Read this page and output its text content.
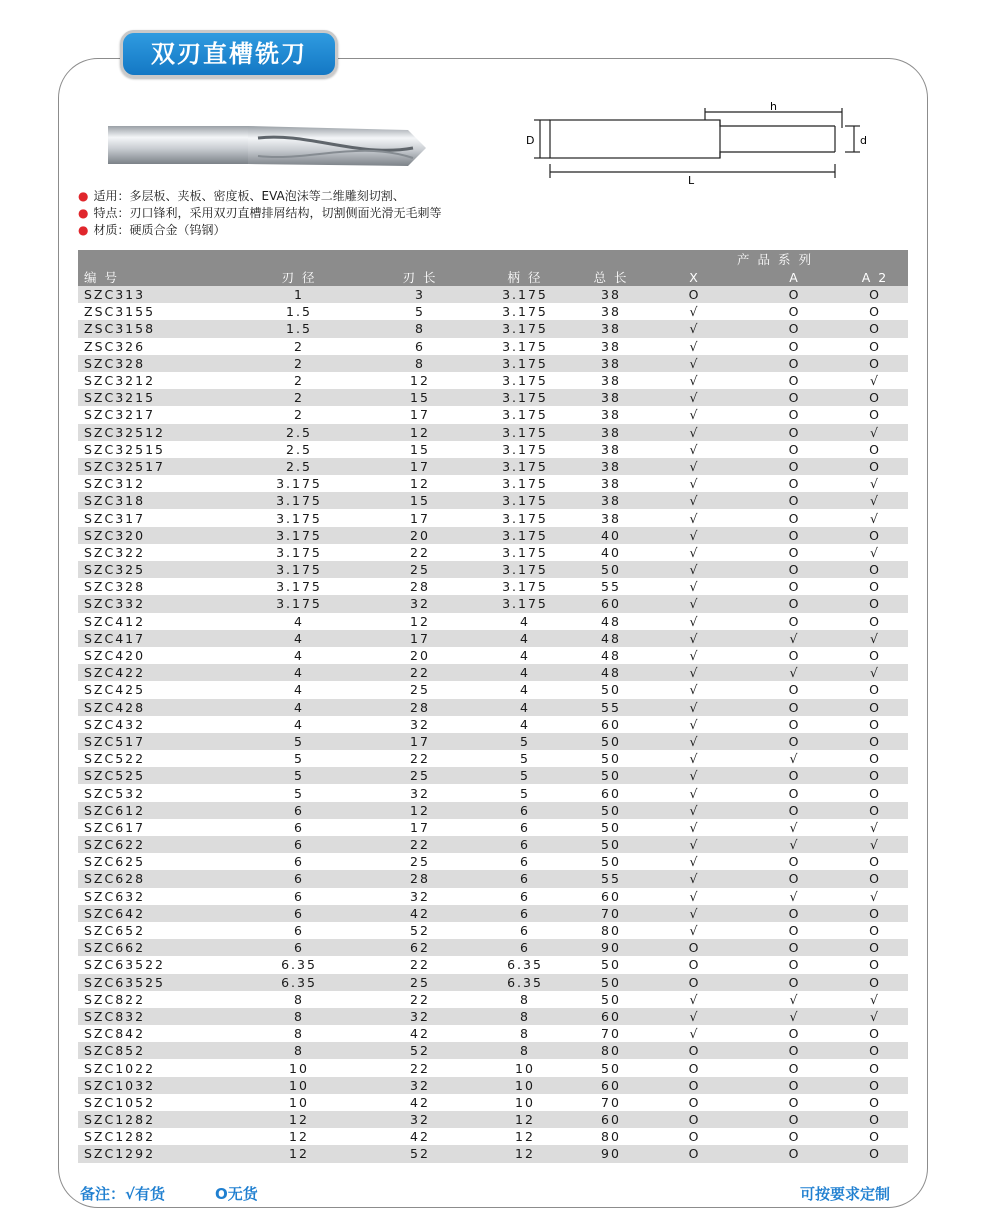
双刃直槽铣刀
h
D	d
L
● 适用：多层板、夹板、密度板、EVA泡沫等二维雕刻切割、
● 特点：刃口锋利，采用双刃直槽排屑结构，切割侧面光滑无毛刺等
● 材质：硬质合金（钨钢）
编 号	刃 径	刃 长	柄 径	总 长	产 品 系 列		
					X	A	A 2
SZC313	1	3	3.175	38	O	O	O
ZSC3155	1.5	5	3.175	38	√	O	O
ZSC3158	1.5	8	3.175	38	√	O	O
ZSC326	2	6	3.175	38	√	O	O
SZC328	2	8	3.175	38	√	O	O
SZC3212	2	12	3.175	38	√	O	√
SZC3215	2	15	3.175	38	√	O	O
SZC3217	2	17	3.175	38	√	O	O
SZC32512	2.5	12	3.175	38	√	O	√
SZC32515	2.5	15	3.175	38	√	O	O
SZC32517	2.5	17	3.175	38	√	O	O
SZC312	3.175	12	3.175	38	√	O	√
SZC318	3.175	15	3.175	38	√	O	√
SZC317	3.175	17	3.175	38	√	O	√
SZC320	3.175	20	3.175	40	√	O	O
SZC322	3.175	22	3.175	40	√	O	√
SZC325	3.175	25	3.175	50	√	O	O
SZC328	3.175	28	3.175	55	√	O	O
SZC332	3.175	32	3.175	60	√	O	O
SZC412	4	12	4	48	√	O	O
SZC417	4	17	4	48	√	√	√
SZC420	4	20	4	48	√	O	O
SZC422	4	22	4	48	√	√	√
SZC425	4	25	4	50	√	O	O
SZC428	4	28	4	55	√	O	O
SZC432	4	32	4	60	√	O	O
SZC517	5	17	5	50	√	O	O
SZC522	5	22	5	50	√	√	O
SZC525	5	25	5	50	√	O	O
SZC532	5	32	5	60	√	O	O
SZC612	6	12	6	50	√	O	O
SZC617	6	17	6	50	√	√	√
SZC622	6	22	6	50	√	√	√
SZC625	6	25	6	50	√	O	O
SZC628	6	28	6	55	√	O	O
SZC632	6	32	6	60	√	√	√
SZC642	6	42	6	70	√	O	O
SZC652	6	52	6	80	√	O	O
SZC662	6	62	6	90	O	O	O
SZC63522	6.35	22	6.35	50	O	O	O
SZC63525	6.35	25	6.35	50	O	O	O
SZC822	8	22	8	50	√	√	√
SZC832	8	32	8	60	√	√	√
SZC842	8	42	8	70	√	O	O
SZC852	8	52	8	80	O	O	O
SZC1022	10	22	10	50	O	O	O
SZC1032	10	32	10	60	O	O	O
SZC1052	10	42	10	70	O	O	O
SZC1282	12	32	12	60	O	O	O
SZC1282	12	42	12	80	O	O	O
SZC1292	12	52	12	90	O	O	O
备注：√有货	O无货	可按要求定制
